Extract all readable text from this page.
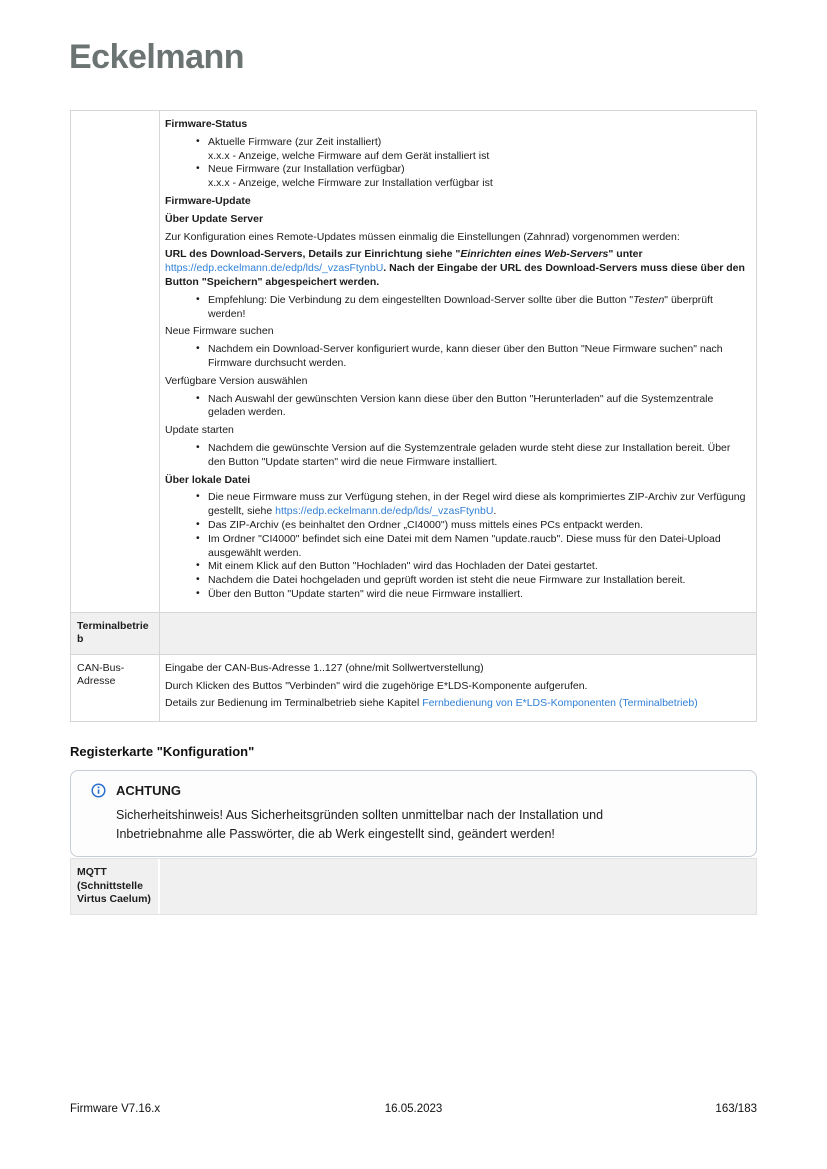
Eckelmann
Firmware-Status
• Aktuelle Firmware (zur Zeit installiert)
x.x.x - Anzeige, welche Firmware auf dem Gerät installiert ist
• Neue Firmware (zur Installation verfügbar)
x.x.x - Anzeige, welche Firmware zur Installation verfügbar ist
Firmware-Update
Über Update Server
Zur Konfiguration eines Remote-Updates müssen einmalig die Einstellungen (Zahnrad) vorgenommen werden:
URL des Download-Servers, Details zur Einrichtung siehe "Einrichten eines Web-Servers" unter https://edp.eckelmann.de/edp/lds/_vzasFtynbU. Nach der Eingabe der URL des Download-Servers muss diese über den Button "Speichern" abgespeichert werden.
• Empfehlung: Die Verbindung zu dem eingestellten Download-Server sollte über die Button "Testen" überprüft werden!
Neue Firmware suchen
• Nachdem ein Download-Server konfiguriert wurde, kann dieser über den Button "Neue Firmware suchen" nach Firmware durchsucht werden.
Verfügbare Version auswählen
• Nach Auswahl der gewünschten Version kann diese über den Button "Herunterladen" auf die Systemzentrale geladen werden.
Update starten
• Nachdem die gewünschte Version auf die Systemzentrale geladen wurde steht diese zur Installation bereit. Über den Button "Update starten" wird die neue Firmware installiert.
Über lokale Datei
• Die neue Firmware muss zur Verfügung stehen, in der Regel wird diese als komprimiertes ZIP-Archiv zur Verfügung gestellt, siehe https://edp.eckelmann.de/edp/lds/_vzasFtynbU.
• Das ZIP-Archiv (es beinhaltet den Ordner „CI4000") muss mittels eines PCs entpackt werden.
• Im Ordner "CI4000" befindet sich eine Datei mit dem Namen "update.raucb". Diese muss für den Datei-Upload ausgewählt werden.
• Mit einem Klick auf den Button "Hochladen" wird das Hochladen der Datei gestartet.
• Nachdem die Datei hochgeladen und geprüft worden ist steht die neue Firmware zur Installation bereit.
• Über den Button "Update starten" wird die neue Firmware installiert.
Terminalbetrieb
CAN-Bus-Adresse
Eingabe der CAN-Bus-Adresse 1..127 (ohne/mit Sollwertverstellung)
Durch Klicken des Buttos "Verbinden" wird die zugehörige E*LDS-Komponente aufgerufen.
Details zur Bedienung im Terminalbetrieb siehe Kapitel Fernbedienung von E*LDS-Komponenten (Terminalbetrieb)
Registerkarte "Konfiguration"
ACHTUNG
Sicherheitshinweis! Aus Sicherheitsgründen sollten unmittelbar nach der Installation und Inbetriebnahme alle Passwörter, die ab Werk eingestellt sind, geändert werden!
MQTT (Schnittstelle Virtus Caelum)
Firmware V7.16.x	16.05.2023	163/183
